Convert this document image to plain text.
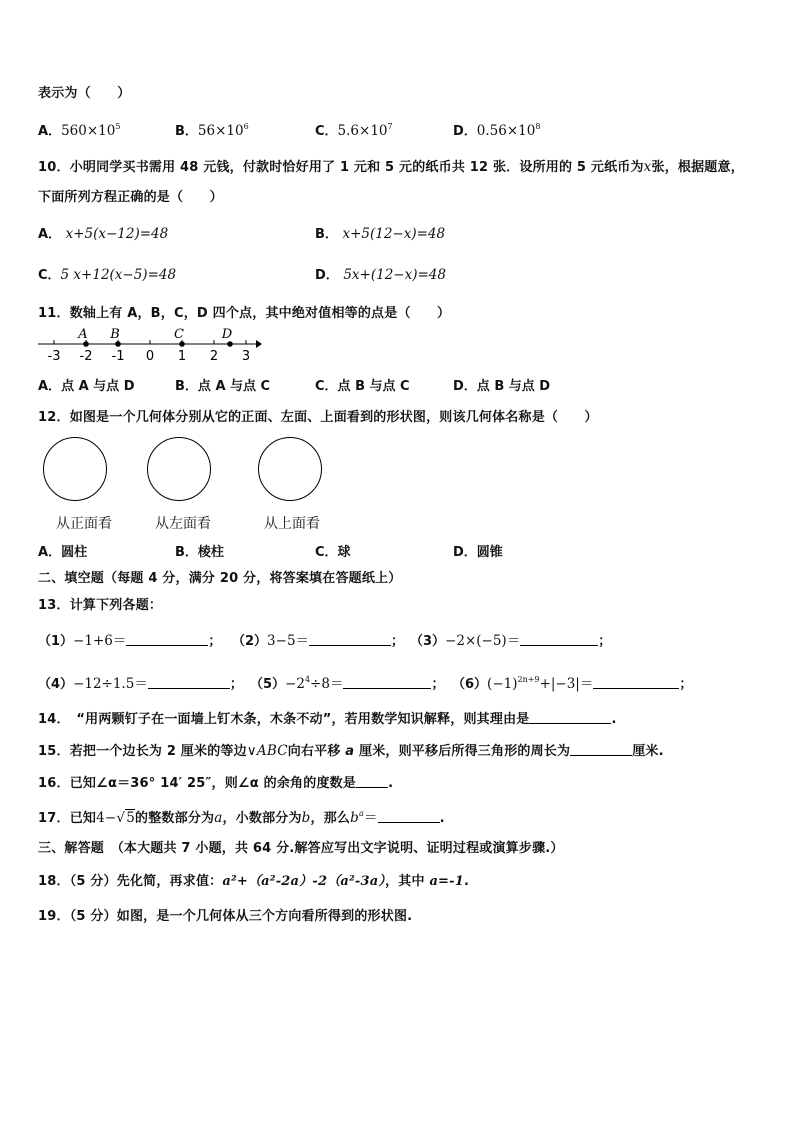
表示为（　　）
A．$560\times 10^5$	B．$56\times 10^6$	C．$5.6\times 10^7$	D．$0.56\times 10^8$
10．小明同学买书需用 48 元钱，付款时恰好用了 1 元和 5 元的纸币共 12 张．设所用的 5 元纸币为x张，根据题意，
下面所列方程正确的是（　　）
A． x+5(x−12)=48	B． x+5(12−x)=48
C．5 x+12(x−5)=48	D． 5x+(12−x)=48
11．数轴上有 A，B，C，D 四个点，其中绝对值相等的点是（　　）
-3 -2 -1 0 1 2 3
A B	C	D
A．点 A 与点 D	B．点 A 与点 C	C．点 B 与点 C	D．点 B 与点 D
12．如图是一个几何体分别从它的正面、左面、上面看到的形状图，则该几何体名称是（　　）
从正面看	从左面看	从上面看
A．圆柱	B．棱柱	C．球	D．圆锥
二、填空题（每题 4 分，满分 20 分，将答案填在答题纸上）
13．计算下列各题：
（1）−1+6＝	； （2）3−5＝	； （3）−2×(−5)＝	；
（4）−12÷1.5＝	； $(5)-2^4\div 8=$	； $(6)(-1)^{2n+9}+|-3|=$	；
14．　“用两颗钉子在一面墙上钉木条，木条不动”，若用数学知识解释，则其理由是	.
15．若把一个边长为 2 厘米的等边∨ABC向右平移 a 厘米，则平移后所得三角形的周长为	厘米.
16．已知∠α＝36° 14′ 25″，则∠α 的余角的度数是 .
17．已知4−√5的整数部分为a，小数部分为b，那么$b^a=$	.
三、解答题　（本大题共 7 小题，共 64 分.解答应写出文字说明、证明过程或演算步骤.）
18．（5 分）先化简，再求值：a²+（a²-2a）-2（a²-3a），其中 a=-1.
19．（5 分）如图，是一个几何体从三个方向看所得到的形状图.
